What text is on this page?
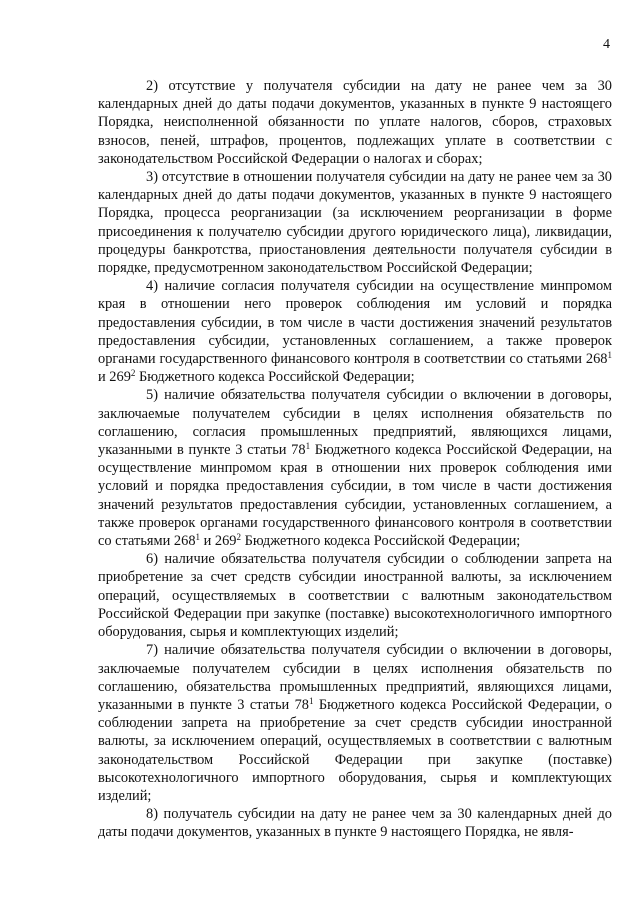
4

2) отсутствие у получателя субсидии на дату не ранее чем за 30 календарных дней до даты подачи документов, указанных в пункте 9 настоящего Порядка, неисполненной обязанности по уплате налогов, сборов, страховых взносов, пеней, штрафов, процентов, подлежащих уплате в соответствии с законодательством Российской Федерации о налогах и сборах;

3) отсутствие в отношении получателя субсидии на дату не ранее чем за 30 календарных дней до даты подачи документов, указанных в пункте 9 настоящего Порядка, процесса реорганизации (за исключением реорганизации в форме присоединения к получателю субсидии другого юридического лица), ликвидации, процедуры банкротства, приостановления деятельности получателя субсидии в порядке, предусмотренном законодательством Российской Федерации;

4) наличие согласия получателя субсидии на осуществление минпромом края в отношении него проверок соблюдения им условий и порядка предоставления субсидии, в том числе в части достижения значений результатов предоставления субсидии, установленных соглашением, а также проверок органами государственного финансового контроля в соответствии со статьями $268^1$ и $269^2$ Бюджетного кодекса Российской Федерации;

5) наличие обязательства получателя субсидии о включении в договоры, заключаемые получателем субсидии в целях исполнения обязательств по соглашению, согласия промышленных предприятий, являющихся лицами, указанными в пункте 3 статьи $78^1$ Бюджетного кодекса Российской Федерации, на осуществление минпромом края в отношении них проверок соблюдения ими условий и порядка предоставления субсидии, в том числе в части достижения значений результатов предоставления субсидии, установленных соглашением, а также проверок органами государственного финансового контроля в соответствии со статьями $268^1$ и $269^2$ Бюджетного кодекса Российской Федерации;

6) наличие обязательства получателя субсидии о соблюдении запрета на приобретение за счет средств субсидии иностранной валюты, за исключением операций, осуществляемых в соответствии с валютным законодательством Российской Федерации при закупке (поставке) высокотехнологичного импортного оборудования, сырья и комплектующих изделий;

7) наличие обязательства получателя субсидии о включении в договоры, заключаемые получателем субсидии в целях исполнения обязательств по соглашению, обязательства промышленных предприятий, являющихся лицами, указанными в пункте 3 статьи $78^1$ Бюджетного кодекса Российской Федерации, о соблюдении запрета на приобретение за счет средств субсидии иностранной валюты, за исключением операций, осуществляемых в соответствии с валютным законодательством Российской Федерации при закупке (поставке) высокотехнологичного импортного оборудования, сырья и комплектующих изделий;

8) получатель субсидии на дату не ранее чем за 30 календарных дней до даты подачи документов, указанных в пункте 9 настоящего Порядка, не явля-
